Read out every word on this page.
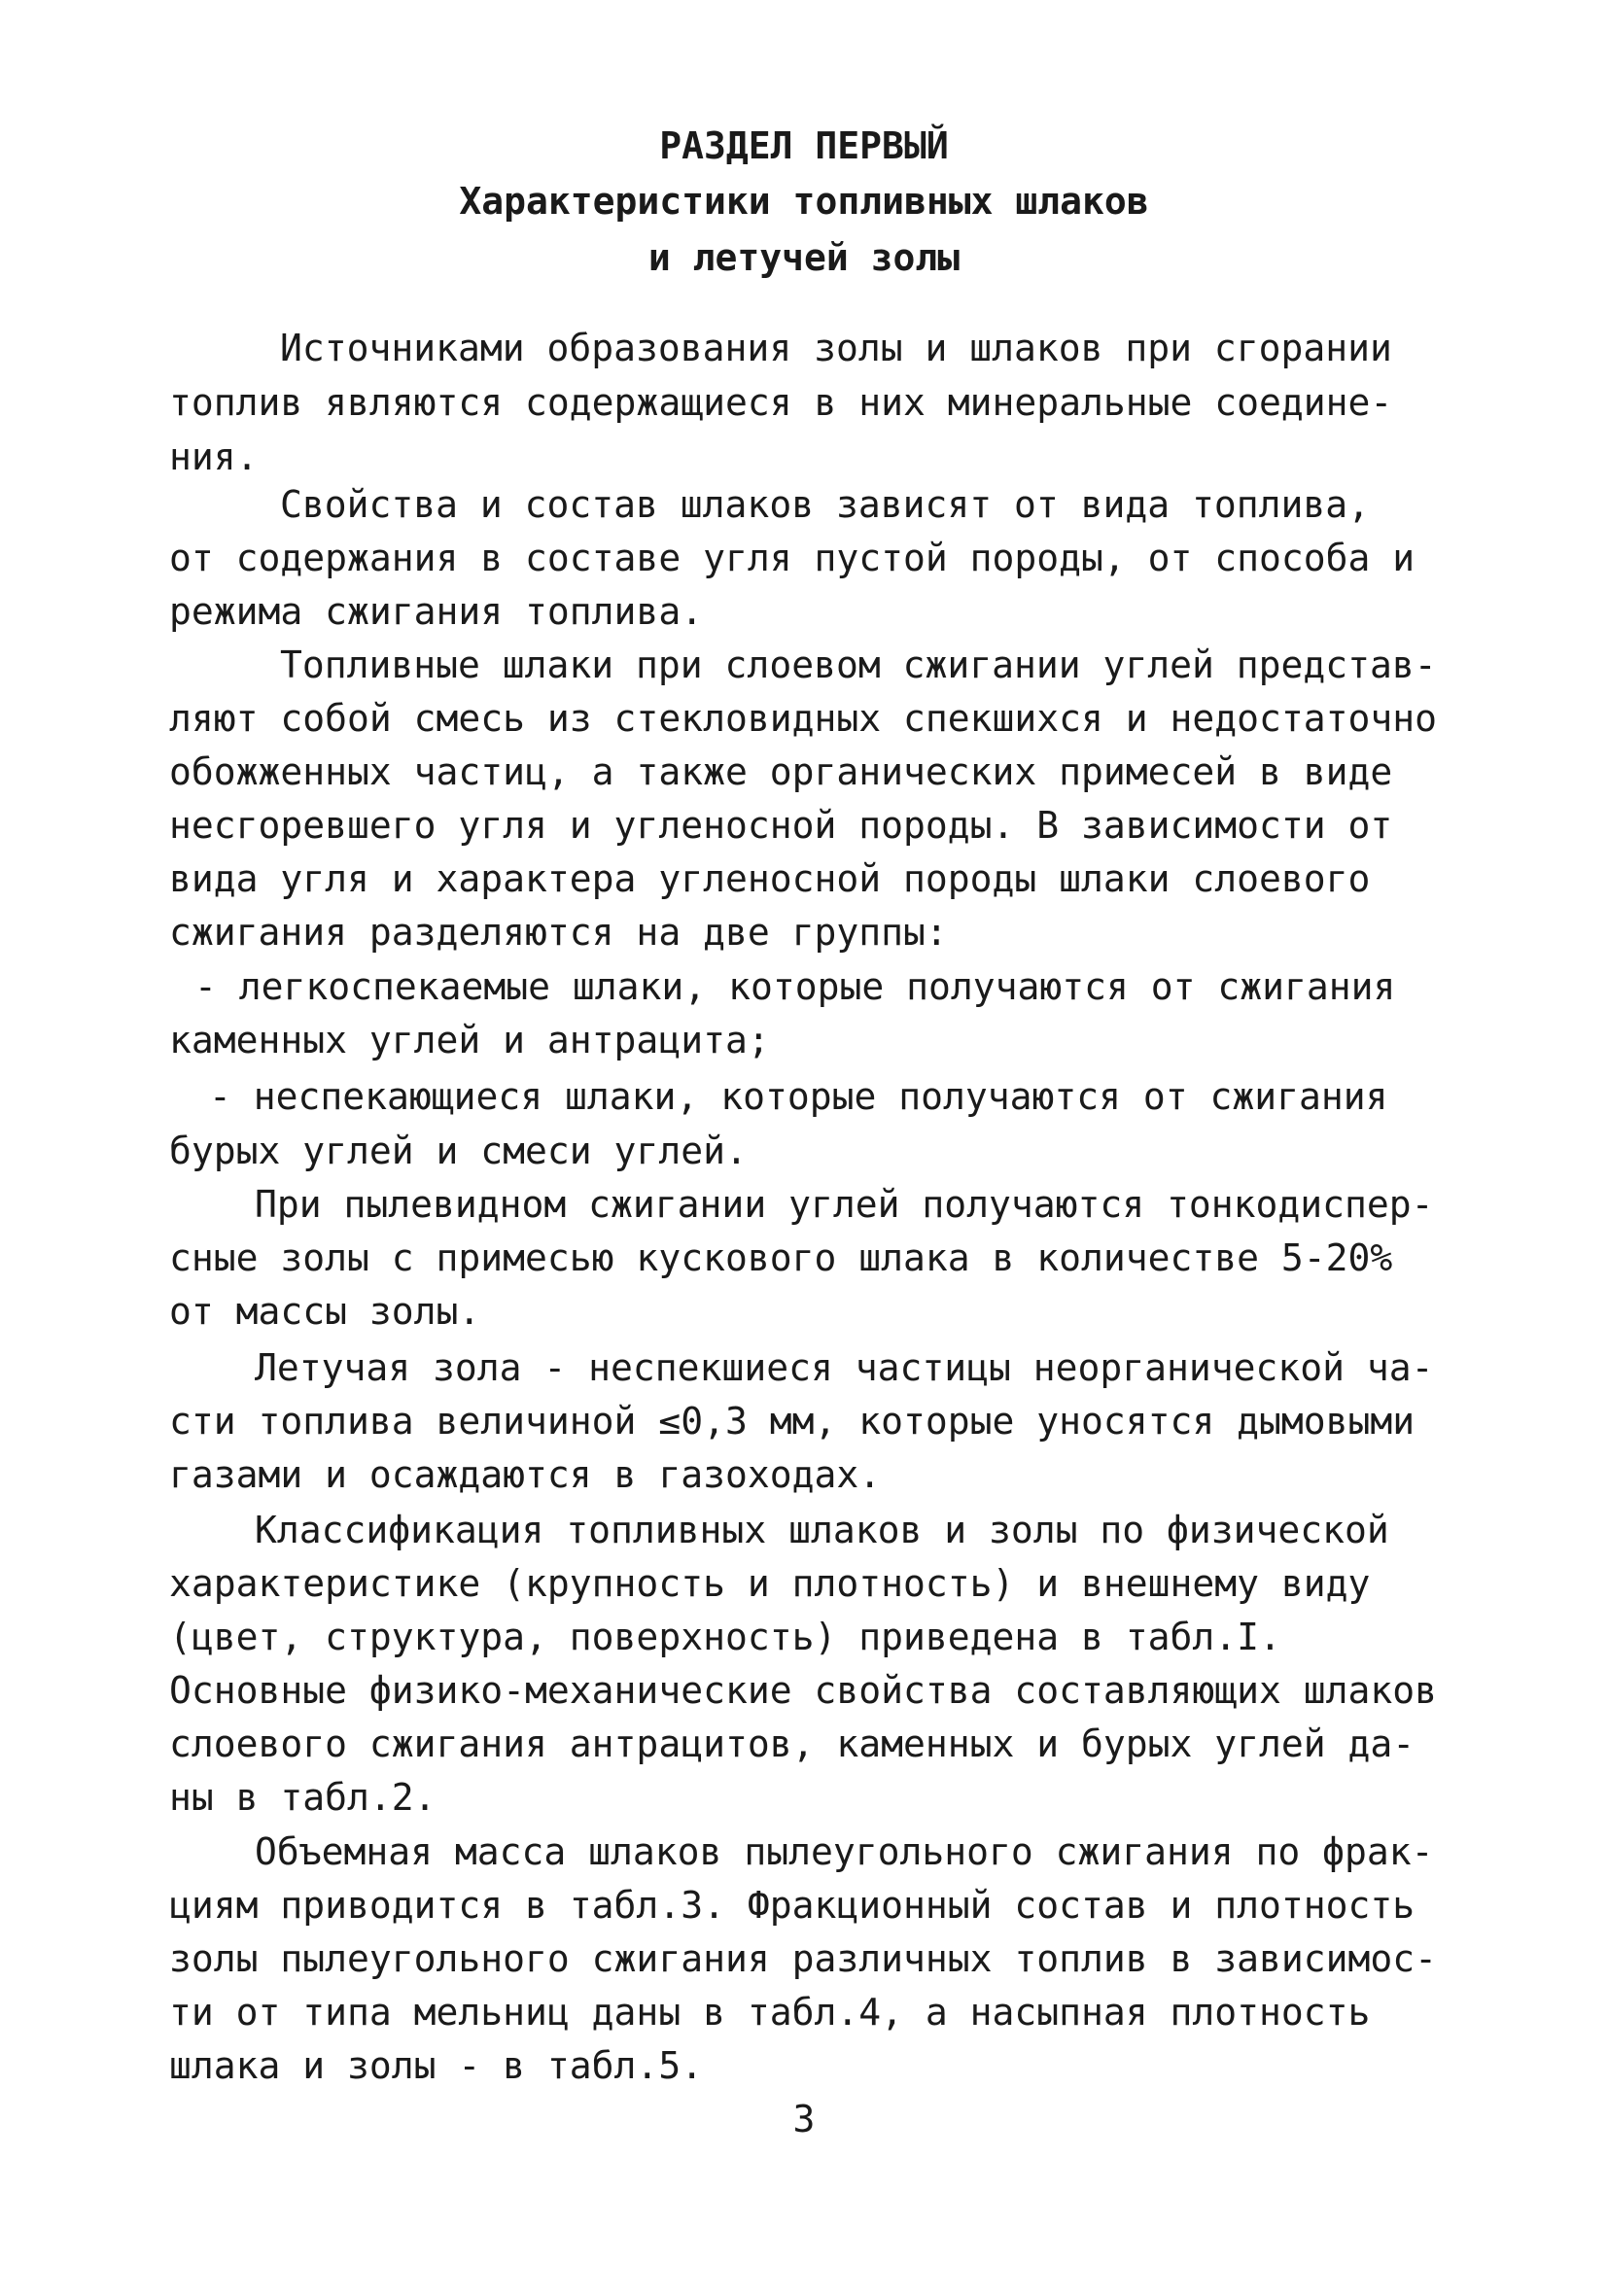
РАЗДЕЛ ПЕРВЫЙ
Характеристики топливных шлаков
и летучей золы
Источниками образования золы и шлаков при сгорании
топлив являются содержащиеся в них минеральные соедине-
ния.
Свойства и состав шлаков зависят от вида топлива,
от содержания в составе угля пустой породы, от способа и
режима сжигания топлива.
Топливные шлаки при слоевом сжигании углей представ-
ляют собой смесь из стекловидных спекшихся и недостаточно
обожженных частиц, а также органических примесей в виде
несгоревшего угля и угленосной породы. В зависимости от
вида угля и характера угленосной породы шлаки слоевого
сжигания разделяются на две группы:
- легкоспекаемые шлаки, которые получаются от сжигания
каменных углей и антрацита;
- неспекающиеся шлаки, которые получаются от сжигания
бурых углей и смеси углей.
При пылевидном сжигании углей получаются тонкодиспер-
сные золы с примесью кускового шлака в количестве 5-20%
от массы золы.
Летучая зола - неспекшиеся частицы неорганической ча-
сти топлива величиной ≤0,3 мм, которые уносятся дымовыми
газами и осаждаются в газоходах.
Классификация топливных шлаков и золы по физической
характеристике (крупность и плотность) и внешнему виду
(цвет, структура, поверхность) приведена в табл.I.
Основные физико-механические свойства составляющих шлаков
слоевого сжигания антрацитов, каменных и бурых углей да-
ны в табл.2.
Объемная масса шлаков пылеугольного сжигания по фрак-
циям приводится в табл.3. Фракционный состав и плотность
золы пылеугольного сжигания различных топлив в зависимос-
ти от типа мельниц даны в табл.4, а насыпная плотность
шлака и золы - в табл.5.
3
